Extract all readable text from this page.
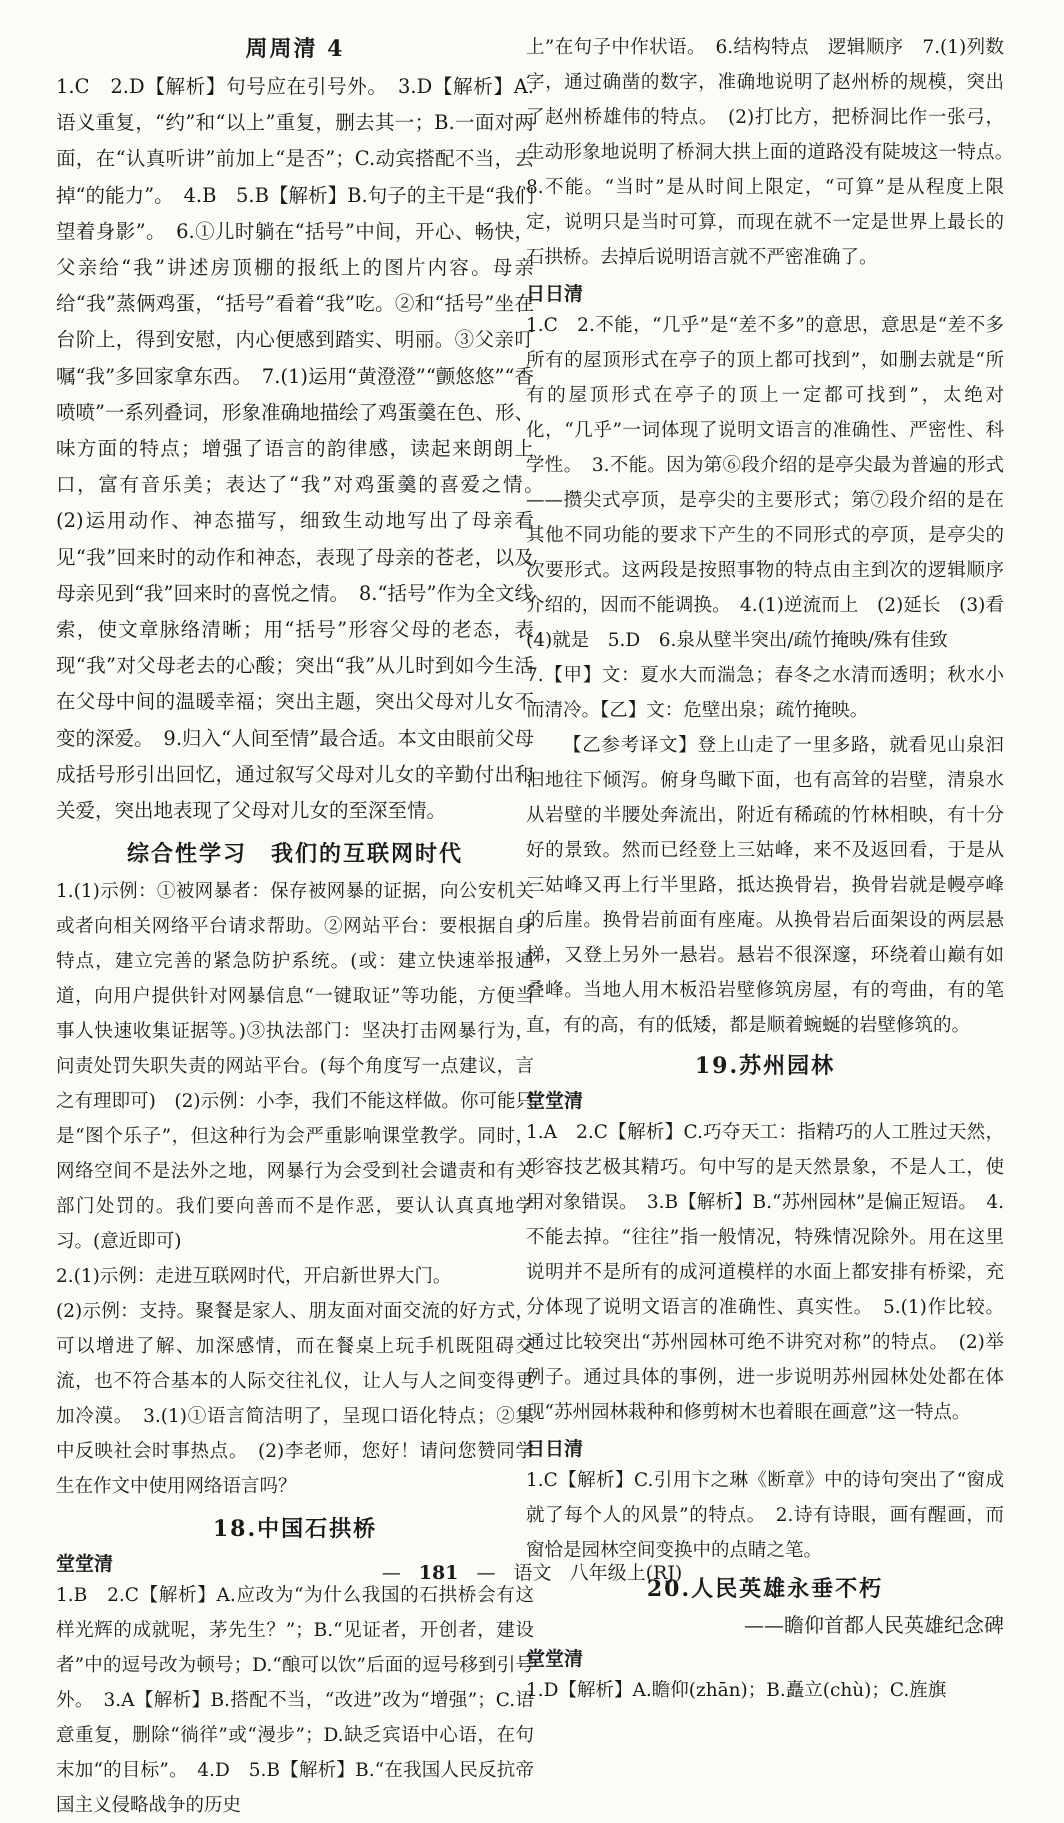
周周清 4

1.C　2.D【解析】句号应在引号外。　3.D【解析】A.语义重复，“约”和“以上”重复，删去其一；B.一面对两面，在“认真听讲”前加上“是否”；C.动宾搭配不当，去掉“的能力”。　4.B　5.B【解析】B.句子的主干是“我们望着身影”。　6.①儿时躺在“括号”中间，开心、畅快，父亲给“我”讲述房顶棚的报纸上的图片内容。母亲给“我”蒸俩鸡蛋，“括号”看着“我”吃。②和“括号”坐在台阶上，得到安慰，内心便感到踏实、明丽。③父亲叮嘱“我”多回家拿东西。　7.(1)运用“黄澄澄”“颤悠悠”“香喷喷”一系列叠词，形象准确地描绘了鸡蛋羹在色、形、味方面的特点；增强了语言的韵律感，读起来朗朗上口，富有音乐美；表达了“我”对鸡蛋羹的喜爱之情。　(2)运用动作、神态描写，细致生动地写出了母亲看见“我”回来时的动作和神态，表现了母亲的苍老，以及母亲见到“我”回来时的喜悦之情。　8.“括号”作为全文线索，使文章脉络清晰；用“括号”形容父母的老态，表现“我”对父母老去的心酸；突出“我”从儿时到如今生活在父母中间的温暖幸福；突出主题，突出父母对儿女不变的深爱。　9.归入“人间至情”最合适。本文由眼前父母成括号形引出回忆，通过叙写父母对儿女的辛勤付出和关爱，突出地表现了父母对儿女的至深至情。

综合性学习　我们的互联网时代

1.(1)示例：①被网暴者：保存被网暴的证据，向公安机关或者向相关网络平台请求帮助。②网站平台：要根据自身特点，建立完善的紧急防护系统。(或：建立快速举报通道，向用户提供针对网暴信息“一键取证”等功能，方便当事人快速收集证据等。)③执法部门：坚决打击网暴行为，问责处罚失职失责的网站平台。(每个角度写一点建议，言之有理即可)　(2)示例：小李，我们不能这样做。你可能只是“图个乐子”，但这种行为会严重影响课堂教学。同时，网络空间不是法外之地，网暴行为会受到社会谴责和有关部门处罚的。我们要向善而不是作恶，要认认真真地学习。(意近即可)

2.(1)示例：走进互联网时代，开启新世界大门。

(2)示例：支持。聚餐是家人、朋友面对面交流的好方式，可以增进了解、加深感情，而在餐桌上玩手机既阻碍交流，也不符合基本的人际交往礼仪，让人与人之间变得更加冷漠。　3.(1)①语言简洁明了，呈现口语化特点；②集中反映社会时事热点。　(2)李老师，您好！请问您赞同学生在作文中使用网络语言吗？

18.中国石拱桥
堂堂清

1.B　2.C【解析】A.应改为“为什么我国的石拱桥会有这样光辉的成就呢，茅先生？”；B.“见证者，开创者，建设者”中的逗号改为顿号；D.“酿可以饮”后面的逗号移到引号外。　3.A【解析】B.搭配不当，“改进”改为“增强”；C.语意重复，删除“徜徉”或“漫步”；D.缺乏宾语中心语，在句末加“的目标”。　4.D　5.B【解析】B.“在我国人民反抗帝国主义侵略战争的历史

上”在句子中作状语。　6.结构特点　逻辑顺序　7.(1)列数字，通过确凿的数字，准确地说明了赵州桥的规模，突出了赵州桥雄伟的特点。　(2)打比方，把桥洞比作一张弓，生动形象地说明了桥洞大拱上面的道路没有陡坡这一特点。　8.不能。“当时”是从时间上限定，“可算”是从程度上限定，说明只是当时可算，而现在就不一定是世界上最长的石拱桥。去掉后说明语言就不严密准确了。

日日清

1.C　2.不能，“几乎”是“差不多”的意思，意思是“差不多所有的屋顶形式在亭子的顶上都可找到”，如删去就是“所有的屋顶形式在亭子的顶上一定都可找到”，太绝对化，“几乎”一词体现了说明文语言的准确性、严密性、科学性。　3.不能。因为第⑥段介绍的是亭尖最为普遍的形式——攒尖式亭顶，是亭尖的主要形式；第⑦段介绍的是在其他不同功能的要求下产生的不同形式的亭顶，是亭尖的次要形式。这两段是按照事物的特点由主到次的逻辑顺序介绍的，因而不能调换。　4.(1)逆流而上　(2)延长　(3)看　(4)就是　5.D　6.泉从壁半突出/疏竹掩映/殊有佳致

7.【甲】文：夏水大而湍急；春冬之水清而透明；秋水小而清冷。【乙】文：危壁出泉；疏竹掩映。

【乙参考译文】登上山走了一里多路，就看见山泉汩汩地往下倾泻。俯身鸟瞰下面，也有高耸的岩壁，清泉水从岩壁的半腰处奔流出，附近有稀疏的竹林相映，有十分好的景致。然而已经登上三姑峰，来不及返回看，于是从三姑峰又再上行半里路，抵达换骨岩，换骨岩就是幔亭峰的后崖。换骨岩前面有座庵。从换骨岩后面架设的两层悬梯，又登上另外一悬岩。悬岩不很深邃，环绕着山巅有如叠峰。当地人用木板沿岩壁修筑房屋，有的弯曲，有的笔直，有的高，有的低矮，都是顺着蜿蜒的岩壁修筑的。

19.苏州园林
堂堂清

1.A　2.C【解析】C.巧夺天工：指精巧的人工胜过天然，形容技艺极其精巧。句中写的是天然景象，不是人工，使用对象错误。　3.B【解析】B.“苏州园林”是偏正短语。　4.不能去掉。“往往”指一般情况，特殊情况除外。用在这里说明并不是所有的成河道模样的水面上都安排有桥梁，充分体现了说明文语言的准确性、真实性。　5.(1)作比较。通过比较突出“苏州园林可绝不讲究对称”的特点。　(2)举例子。通过具体的事例，进一步说明苏州园林处处都在体现“苏州园林栽种和修剪树木也着眼在画意”这一特点。

日日清

1.C【解析】C.引用卞之琳《断章》中的诗句突出了“窗成就了每个人的风景”的特点。　2.诗有诗眼，画有醒画，而窗恰是园林空间变换中的点睛之笔。

20.人民英雄永垂不朽
——瞻仰首都人民英雄纪念碑
堂堂清

1.D【解析】A.瞻仰(zhān)；B.矗立(chù)；C.旌旗

— 181 — 语文 八年级上(RJ)
